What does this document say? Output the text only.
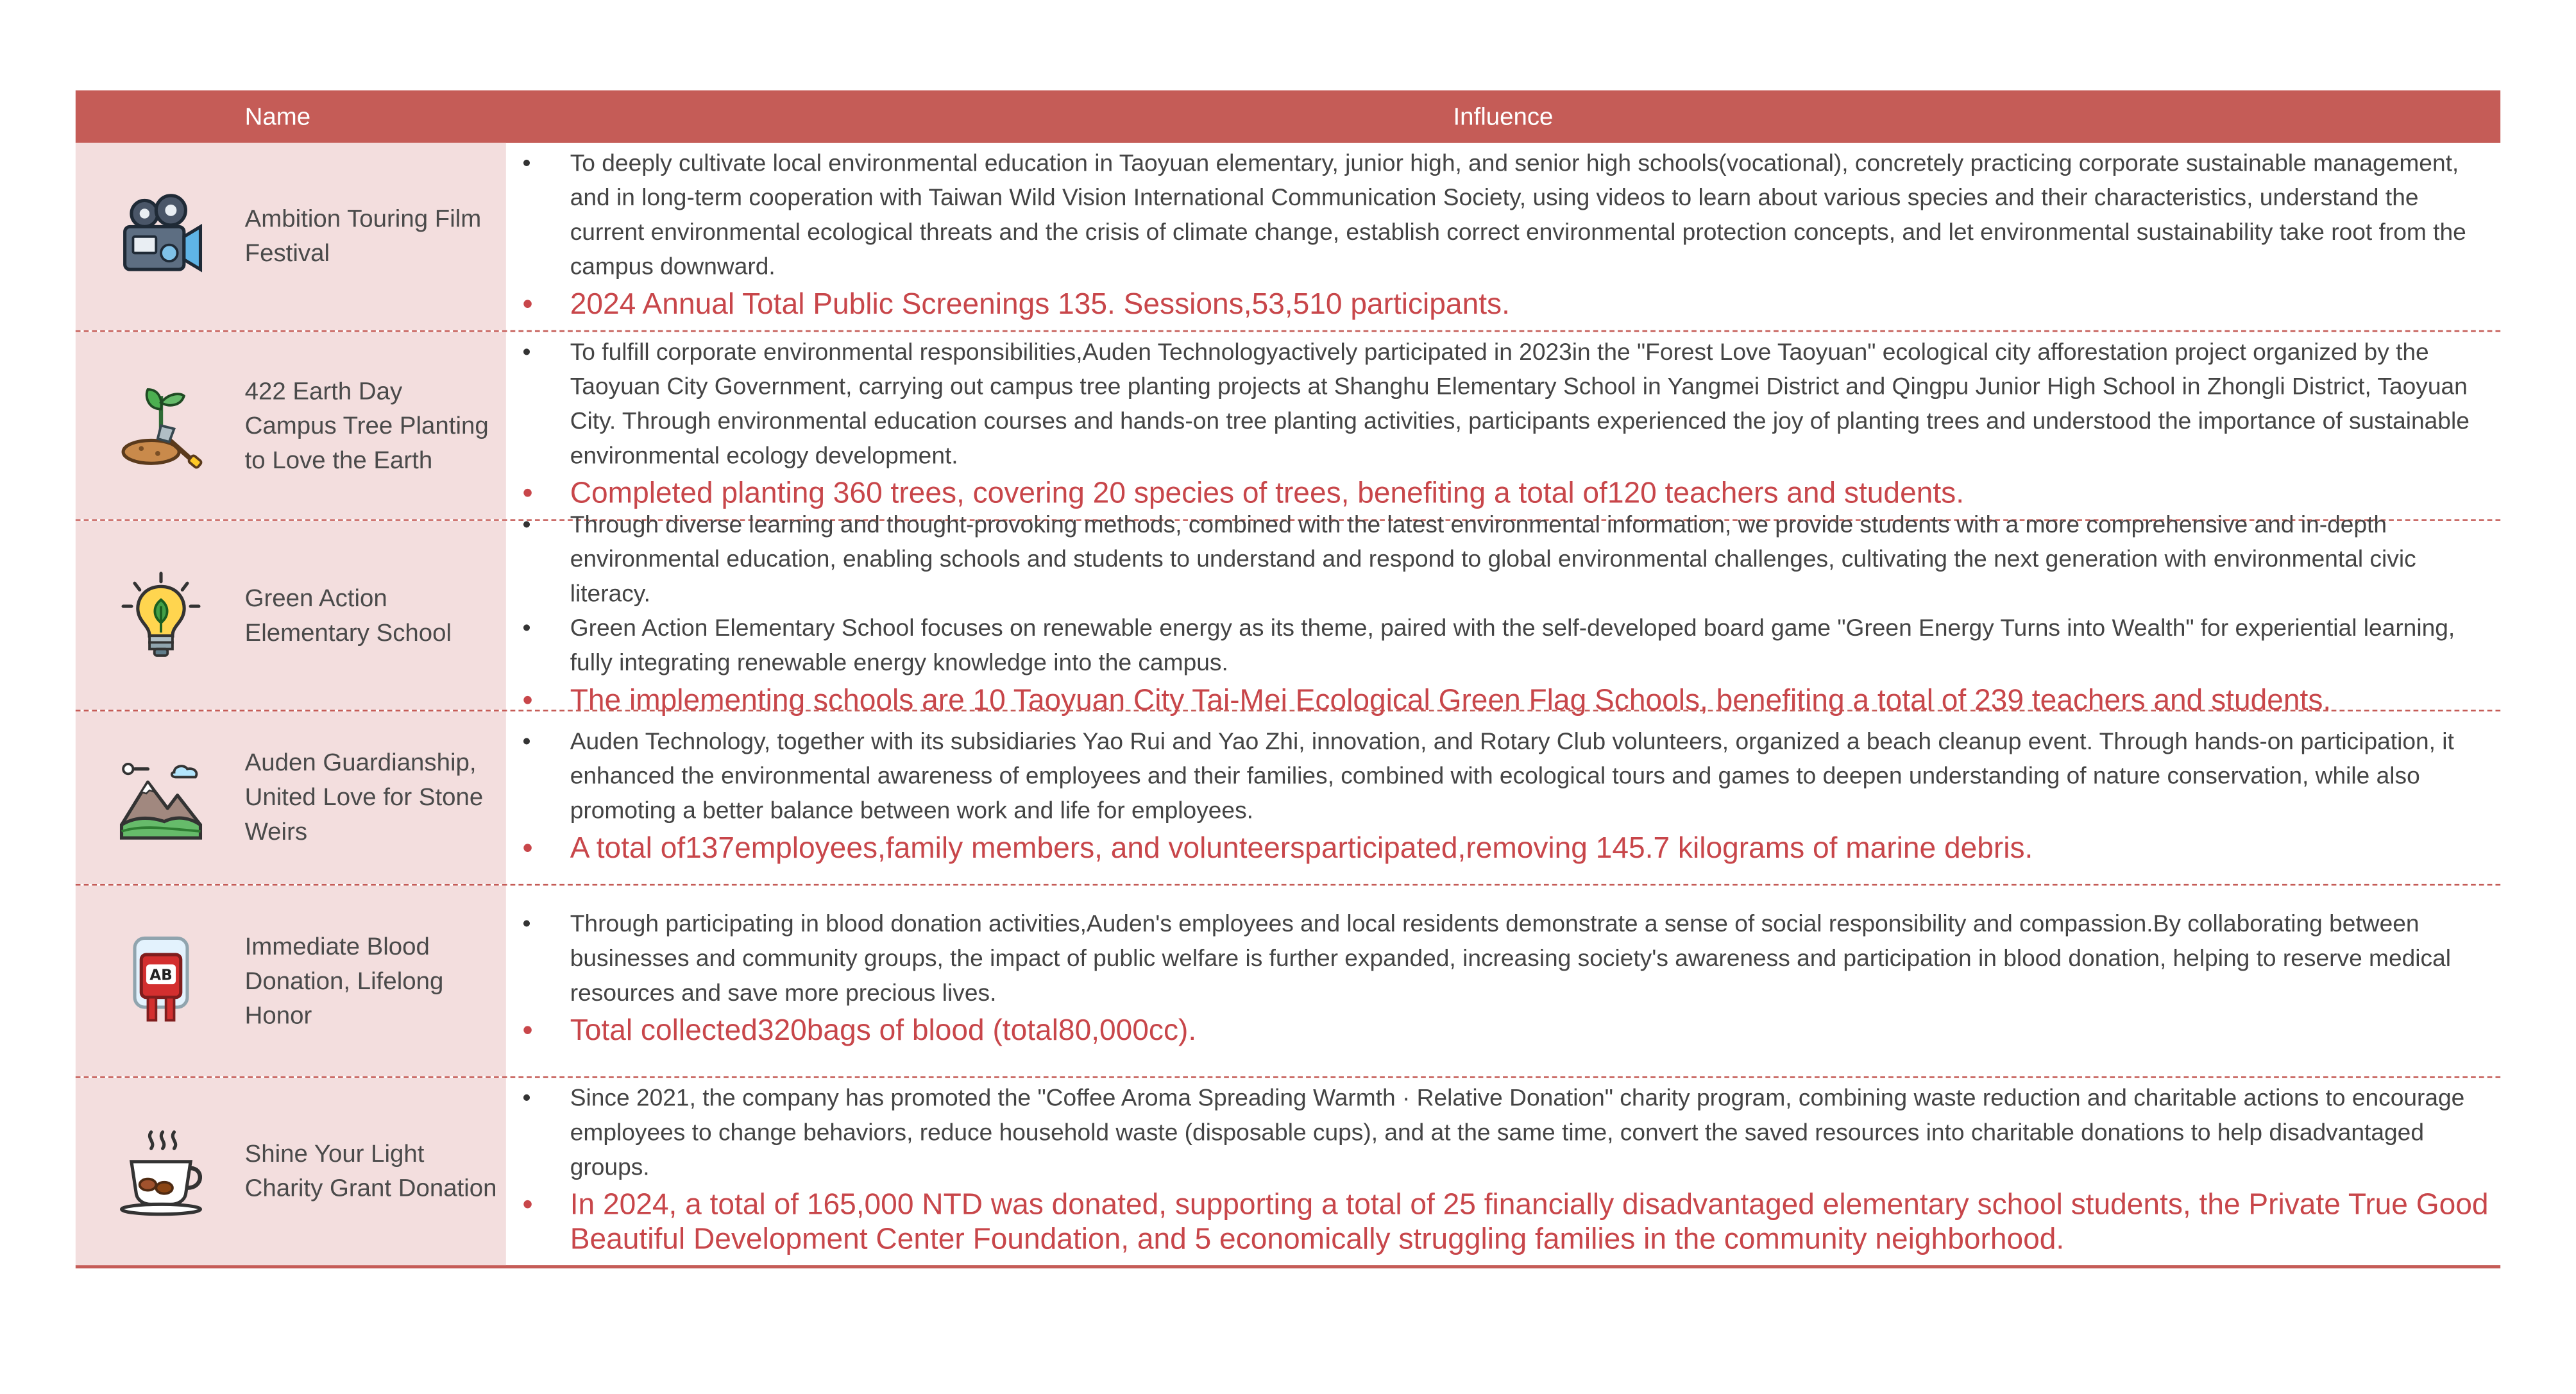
Name	Influence
Ambition Touring Film Festival
•	To deeply cultivate local environmental education in Taoyuan elementary, junior high, and senior high schools(vocational), concretely practicing corporate sustainable management, and in long-term cooperation with Taiwan Wild Vision International Communication Society, using videos to learn about various species and their characteristics, understand the current environmental ecological threats and the crisis of climate change, establish correct environmental protection concepts, and let environmental sustainability take root from the campus downward.
•	2024 Annual Total Public Screenings 135. Sessions,53,510 participants.
422 Earth Day Campus Tree Planting to Love the Earth
•	To fulfill corporate environmental responsibilities,Auden Technologyactively participated in 2023in the "Forest Love Taoyuan" ecological city afforestation project organized by the Taoyuan City Government, carrying out campus tree planting projects at Shanghu Elementary School in Yangmei District and Qingpu Junior High School in Zhongli District, Taoyuan City. Through environmental education courses and hands-on tree planting activities, participants experienced the joy of planting trees and understood the importance of sustainable environmental ecology development.
•	Completed planting 360 trees, covering 20 species of trees, benefiting a total of120 teachers and students.
Green Action Elementary School
•	Through diverse learning and thought-provoking methods, combined with the latest environmental information, we provide students with a more comprehensive and in-depth environmental education, enabling schools and students to understand and respond to global environmental challenges, cultivating the next generation with environmental civic literacy.
•	Green Action Elementary School focuses on renewable energy as its theme, paired with the self-developed board game "Green Energy Turns into Wealth" for experiential learning, fully integrating renewable energy knowledge into the campus.
•	The implementing schools are 10 Taoyuan City Tai-Mei Ecological Green Flag Schools, benefiting a total of 239 teachers and students.
Auden Guardianship, United Love for Stone Weirs
•	Auden Technology, together with its subsidiaries Yao Rui and Yao Zhi, innovation, and Rotary Club volunteers, organized a beach cleanup event. Through hands-on participation, it enhanced the environmental awareness of employees and their families, combined with ecological tours and games to deepen understanding of nature conservation, while also promoting a better balance between work and life for employees.
•	A total of137employees,family members, and volunteersparticipated,removing 145.7 kilograms of marine debris.
AB
Immediate Blood Donation, Lifelong Honor
•	Through participating in blood donation activities,Auden's employees and local residents demonstrate a sense of social responsibility and compassion.By collaborating between businesses and community groups, the impact of public welfare is further expanded, increasing society's awareness and participation in blood donation, helping to reserve medical resources and save more precious lives.
•	Total collected320bags of blood (total80,000cc).
Shine Your Light Charity Grant Donation
•	Since 2021, the company has promoted the "Coffee Aroma Spreading Warmth · Relative Donation" charity program, combining waste reduction and charitable actions to encourage employees to change behaviors, reduce household waste (disposable cups), and at the same time, convert the saved resources into charitable donations to help disadvantaged groups.
•	In 2024, a total of 165,000 NTD was donated, supporting a total of 25 financially disadvantaged elementary school students, the Private True Good Beautiful Development Center Foundation, and 5 economically struggling families in the community neighborhood.
